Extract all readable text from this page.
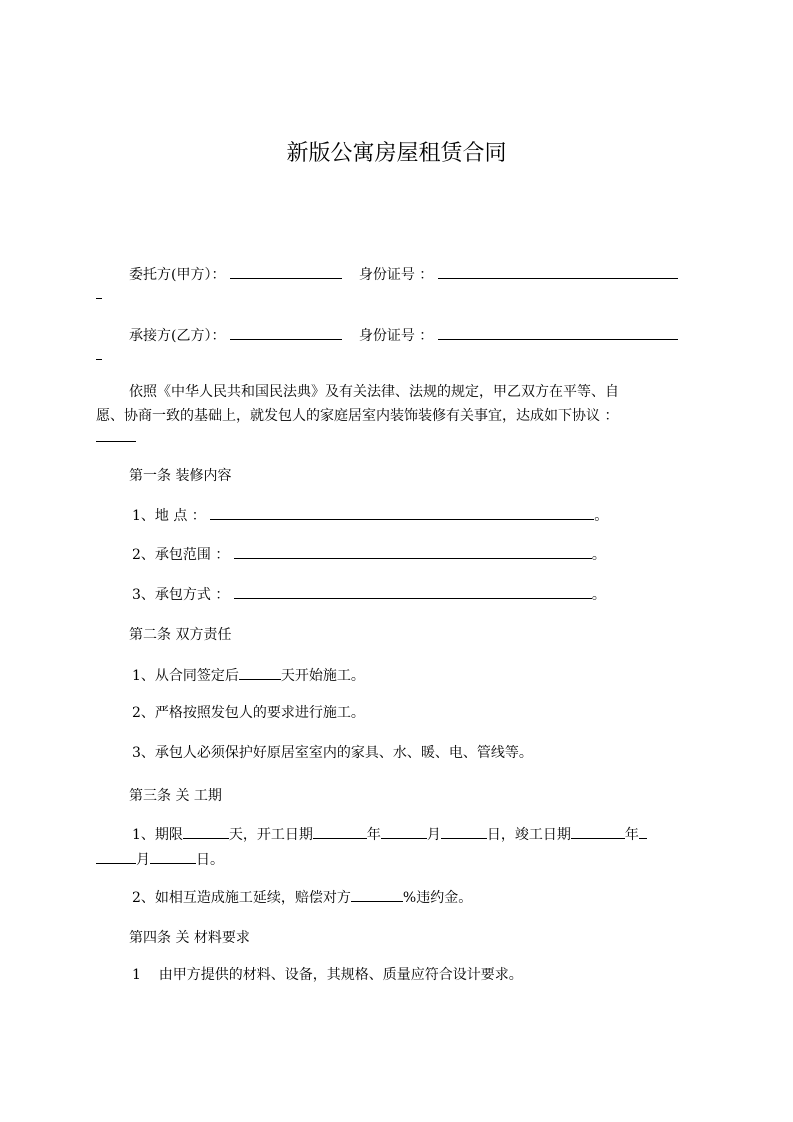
新版公寓房屋租赁合同
委托方(甲方）：	身份证号 ：
承接方(乙方）：	身份证号 ：
依照《中华人民共和国民法典》及有关法律、法规的规定，甲乙双方在平等、自
愿、协商一致的基础上，就发包人的家庭居室内装饰装修有关事宜，达成如下协议 ：
第一条 装修内容
1、地 点 ：	。
2、承包范围 ：	。
3、承包方式 ：	。
第二条 双方责任
1、从合同签定后	天开始施工。
2、严格按照发包人的要求进行施工。
3、承包人必须保护好原居室室内的家具、水、暖、电、管线等。
第三条 关 工期
1、期限	天，开工日期	年	月	日，竣工日期	年
月	日。
2、如相互造成施工延续，赔偿对方	%违约金。
第四条 关 材料要求
1    由甲方提供的材料、设备，其规格、质量应符合设计要求。
